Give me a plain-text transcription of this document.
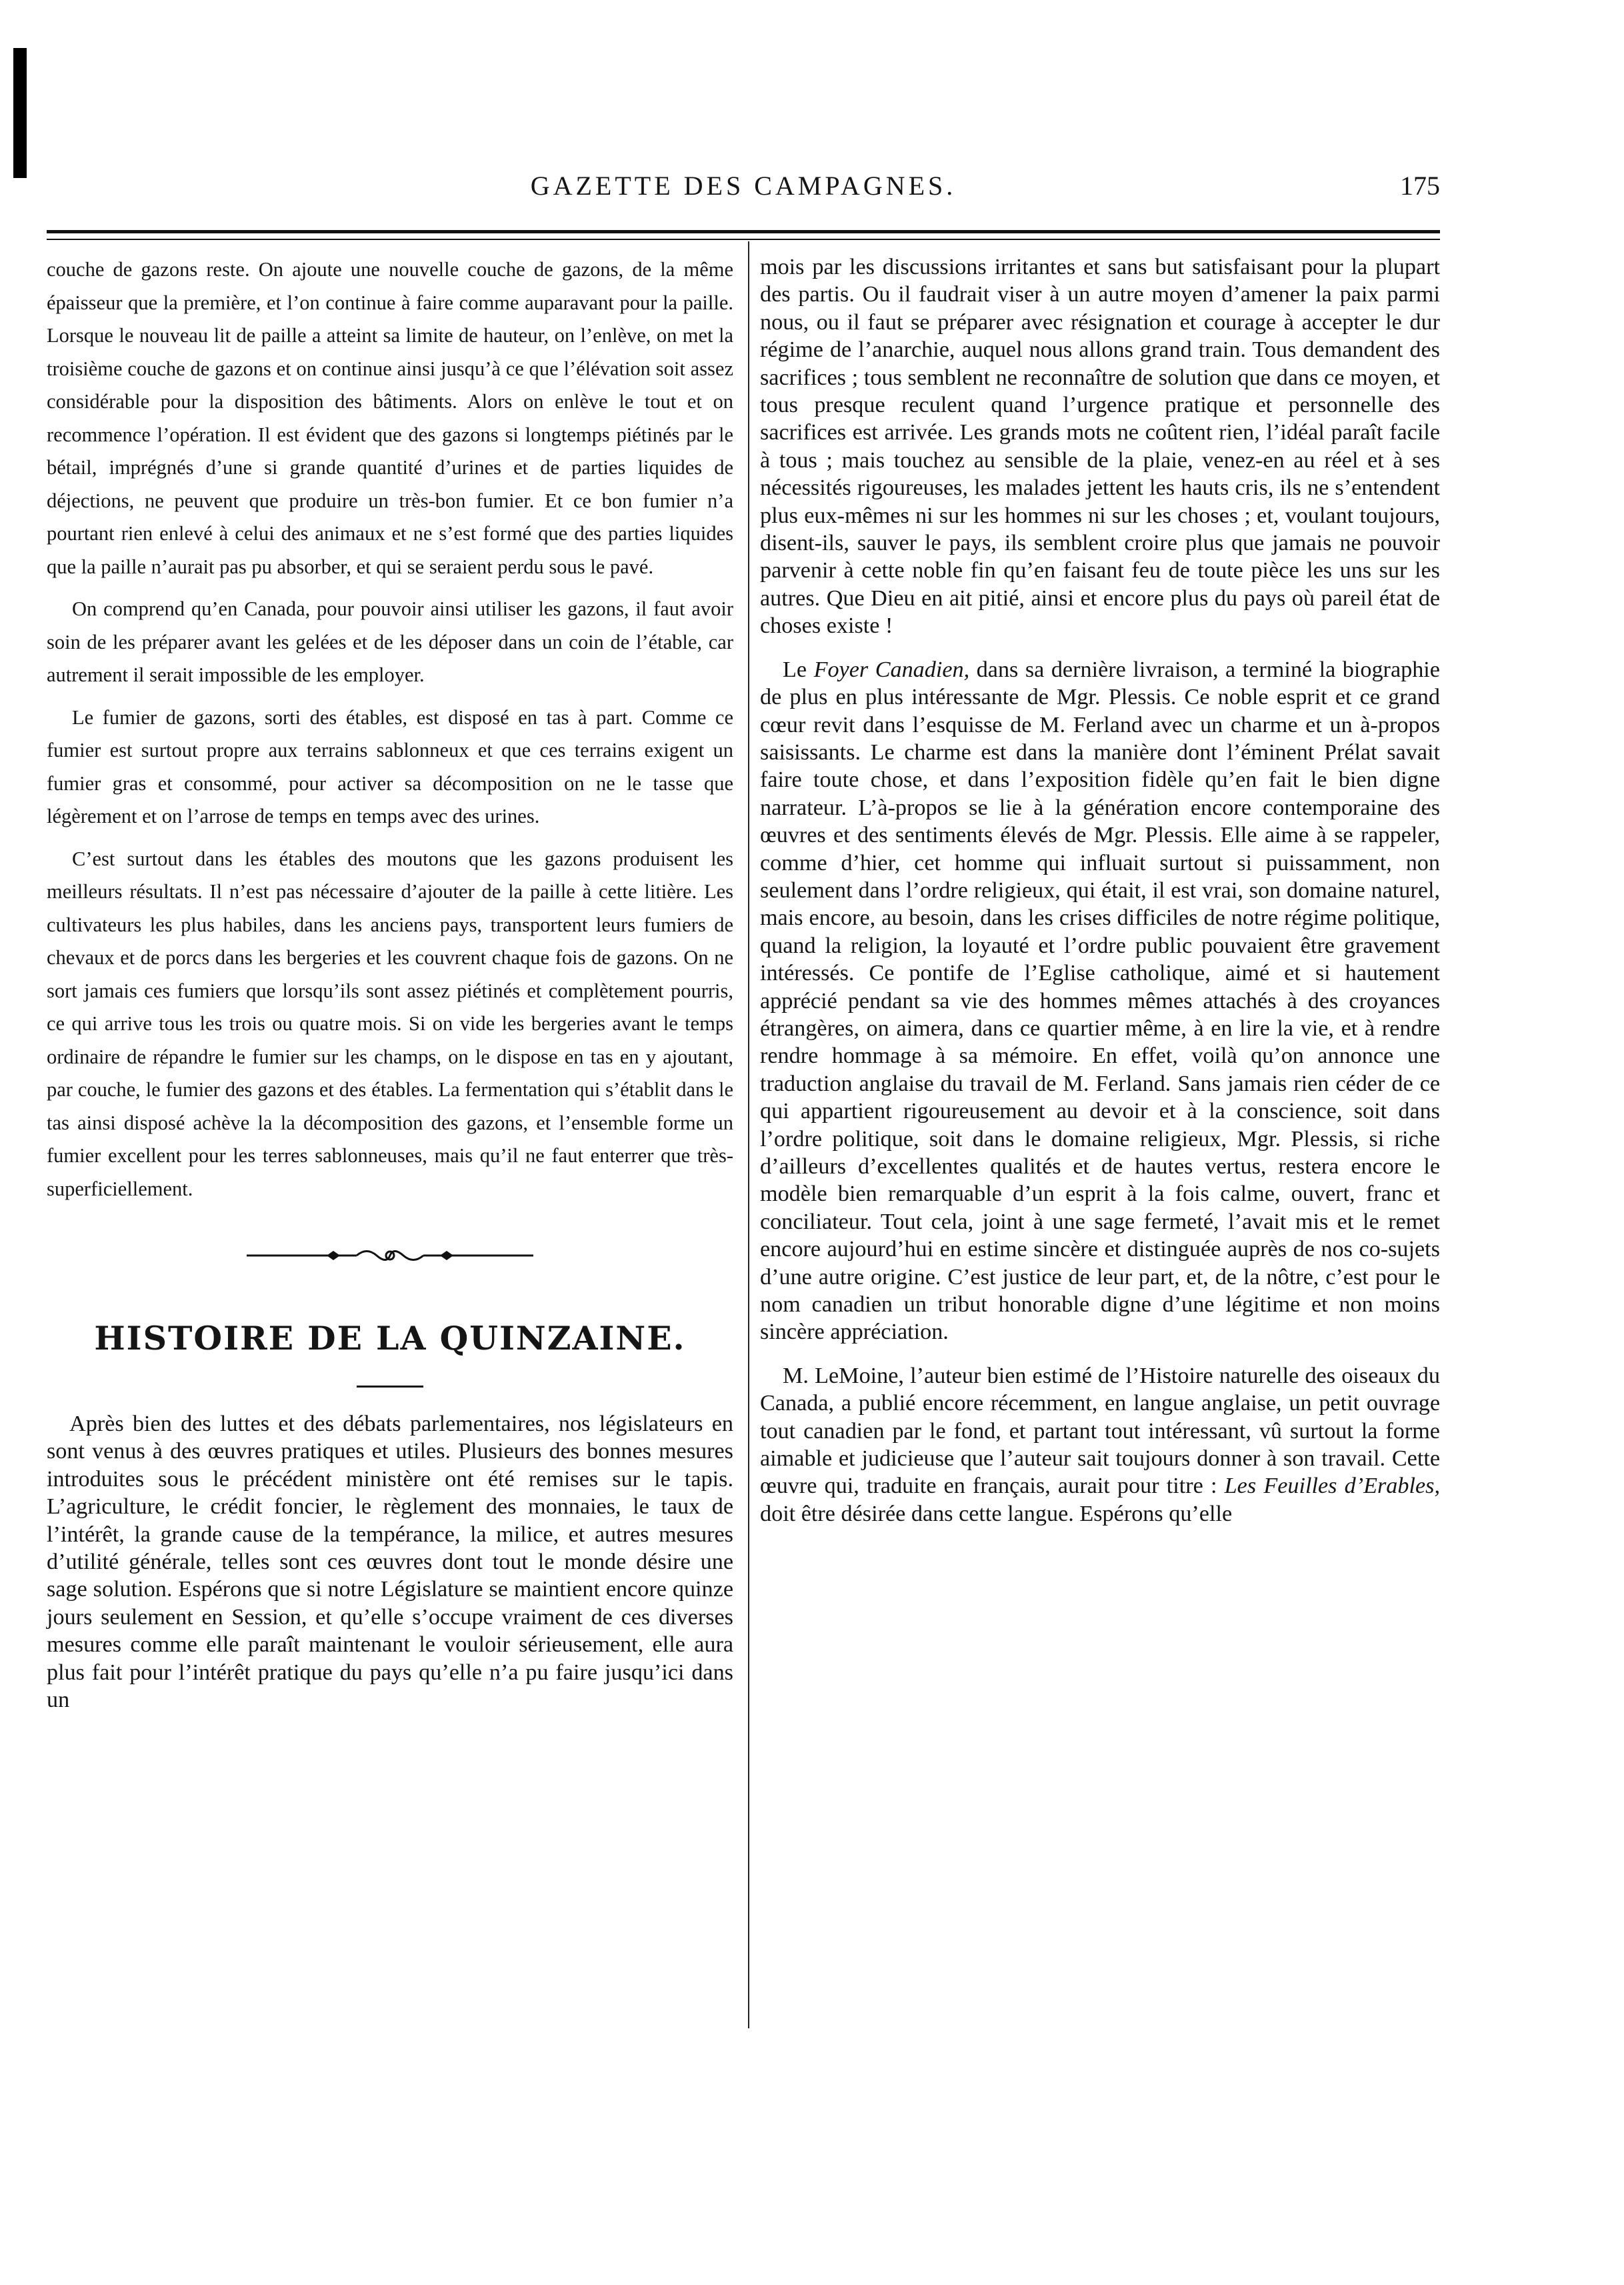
GAZETTE DES CAMPAGNES.	175

couche de gazons reste. On ajoute une nouvelle couche de gazons, de la même épaisseur que la première, et l’on continue à faire comme auparavant pour la paille. Lorsque le nouveau lit de paille a atteint sa limite de hauteur, on l’enlève, on met la troisième couche de gazons et on continue ainsi jusqu’à ce que l’élévation soit assez considérable pour la disposition des bâtiments. Alors on enlève le tout et on recommence l’opération. Il est évident que des gazons si longtemps piétinés par le bétail, imprégnés d’une si grande quantité d’urines et de parties liquides de déjections, ne peuvent que produire un très-bon fumier. Et ce bon fumier n’a pourtant rien enlevé à celui des animaux et ne s’est formé que des parties liquides que la paille n’aurait pas pu absorber, et qui se seraient perdu sous le pavé.

On comprend qu’en Canada, pour pouvoir ainsi utiliser les gazons, il faut avoir soin de les préparer avant les gelées et de les déposer dans un coin de l’étable, car autrement il serait impossible de les employer.

Le fumier de gazons, sorti des étables, est disposé en tas à part. Comme ce fumier est surtout propre aux terrains sablonneux et que ces terrains exigent un fumier gras et consommé, pour activer sa décomposition on ne le tasse que légèrement et on l’arrose de temps en temps avec des urines.

C’est surtout dans les étables des moutons que les gazons produisent les meilleurs résultats. Il n’est pas nécessaire d’ajouter de la paille à cette litière. Les cultivateurs les plus habiles, dans les anciens pays, transportent leurs fumiers de chevaux et de porcs dans les bergeries et les couvrent chaque fois de gazons. On ne sort jamais ces fumiers que lorsqu’ils sont assez piétinés et complètement pourris, ce qui arrive tous les trois ou quatre mois. Si on vide les bergeries avant le temps ordinaire de répandre le fumier sur les champs, on le dispose en tas en y ajoutant, par couche, le fumier des gazons et des étables. La fermentation qui s’établit dans le tas ainsi disposé achève la la décomposition des gazons, et l’ensemble forme un fumier excellent pour les terres sablonneuses, mais qu’il ne faut enterrer que très-superficiellement.

HISTOIRE DE LA QUINZAINE.

Après bien des luttes et des débats parlementaires, nos législateurs en sont venus à des œuvres pratiques et utiles. Plusieurs des bonnes mesures introduites sous le précédent ministère ont été remises sur le tapis. L’agriculture, le crédit foncier, le règlement des monnaies, le taux de l’intérêt, la grande cause de la tempérance, la milice, et autres mesures d’utilité générale, telles sont ces œuvres dont tout le monde désire une sage solution. Espérons que si notre Législature se maintient encore quinze jours seulement en Session, et qu’elle s’occupe vraiment de ces diverses mesures comme elle paraît maintenant le vouloir sérieusement, elle aura plus fait pour l’intérêt pratique du pays qu’elle n’a pu faire jusqu’ici dans un

mois par les discussions irritantes et sans but satisfaisant pour la plupart des partis. Ou il faudrait viser à un autre moyen d’amener la paix parmi nous, ou il faut se préparer avec résignation et courage à accepter le dur régime de l’anarchie, auquel nous allons grand train. Tous demandent des sacrifices ; tous semblent ne reconnaître de solution que dans ce moyen, et tous presque reculent quand l’urgence pratique et personnelle des sacrifices est arrivée. Les grands mots ne coûtent rien, l’idéal paraît facile à tous ; mais touchez au sensible de la plaie, venez-en au réel et à ses nécessités rigoureuses, les malades jettent les hauts cris, ils ne s’entendent plus eux-mêmes ni sur les hommes ni sur les choses ; et, voulant toujours, disent-ils, sauver le pays, ils semblent croire plus que jamais ne pouvoir parvenir à cette noble fin qu’en faisant feu de toute pièce les uns sur les autres. Que Dieu en ait pitié, ainsi et encore plus du pays où pareil état de choses existe !

Le Foyer Canadien, dans sa dernière livraison, a terminé la biographie de plus en plus intéressante de Mgr. Plessis. Ce noble esprit et ce grand cœur revit dans l’esquisse de M. Ferland avec un charme et un à-propos saisissants. Le charme est dans la manière dont l’éminent Prélat savait faire toute chose, et dans l’exposition fidèle qu’en fait le bien digne narrateur. L’à-propos se lie à la génération encore contemporaine des œuvres et des sentiments élevés de Mgr. Plessis. Elle aime à se rappeler, comme d’hier, cet homme qui influait surtout si puissamment, non seulement dans l’ordre religieux, qui était, il est vrai, son domaine naturel, mais encore, au besoin, dans les crises difficiles de notre régime politique, quand la religion, la loyauté et l’ordre public pouvaient être gravement intéressés. Ce pontife de l’Eglise catholique, aimé et si hautement apprécié pendant sa vie des hommes mêmes attachés à des croyances étrangères, on aimera, dans ce quartier même, à en lire la vie, et à rendre rendre hommage à sa mémoire. En effet, voilà qu’on annonce une traduction anglaise du travail de M. Ferland. Sans jamais rien céder de ce qui appartient rigoureusement au devoir et à la conscience, soit dans l’ordre politique, soit dans le domaine religieux, Mgr. Plessis, si riche d’ailleurs d’excellentes qualités et de hautes vertus, restera encore le modèle bien remarquable d’un esprit à la fois calme, ouvert, franc et conciliateur. Tout cela, joint à une sage fermeté, l’avait mis et le remet encore aujourd’hui en estime sincère et distinguée auprès de nos co-sujets d’une autre origine. C’est justice de leur part, et, de la nôtre, c’est pour le nom canadien un tribut honorable digne d’une légitime et non moins sincère appréciation.

M. LeMoine, l’auteur bien estimé de l’Histoire naturelle des oiseaux du Canada, a publié encore récemment, en langue anglaise, un petit ouvrage tout canadien par le fond, et partant tout intéressant, vû surtout la forme aimable et judicieuse que l’auteur sait toujours donner à son travail. Cette œuvre qui, traduite en français, aurait pour titre : Les Feuilles d’Erables, doit être désirée dans cette langue. Espérons qu’elle
